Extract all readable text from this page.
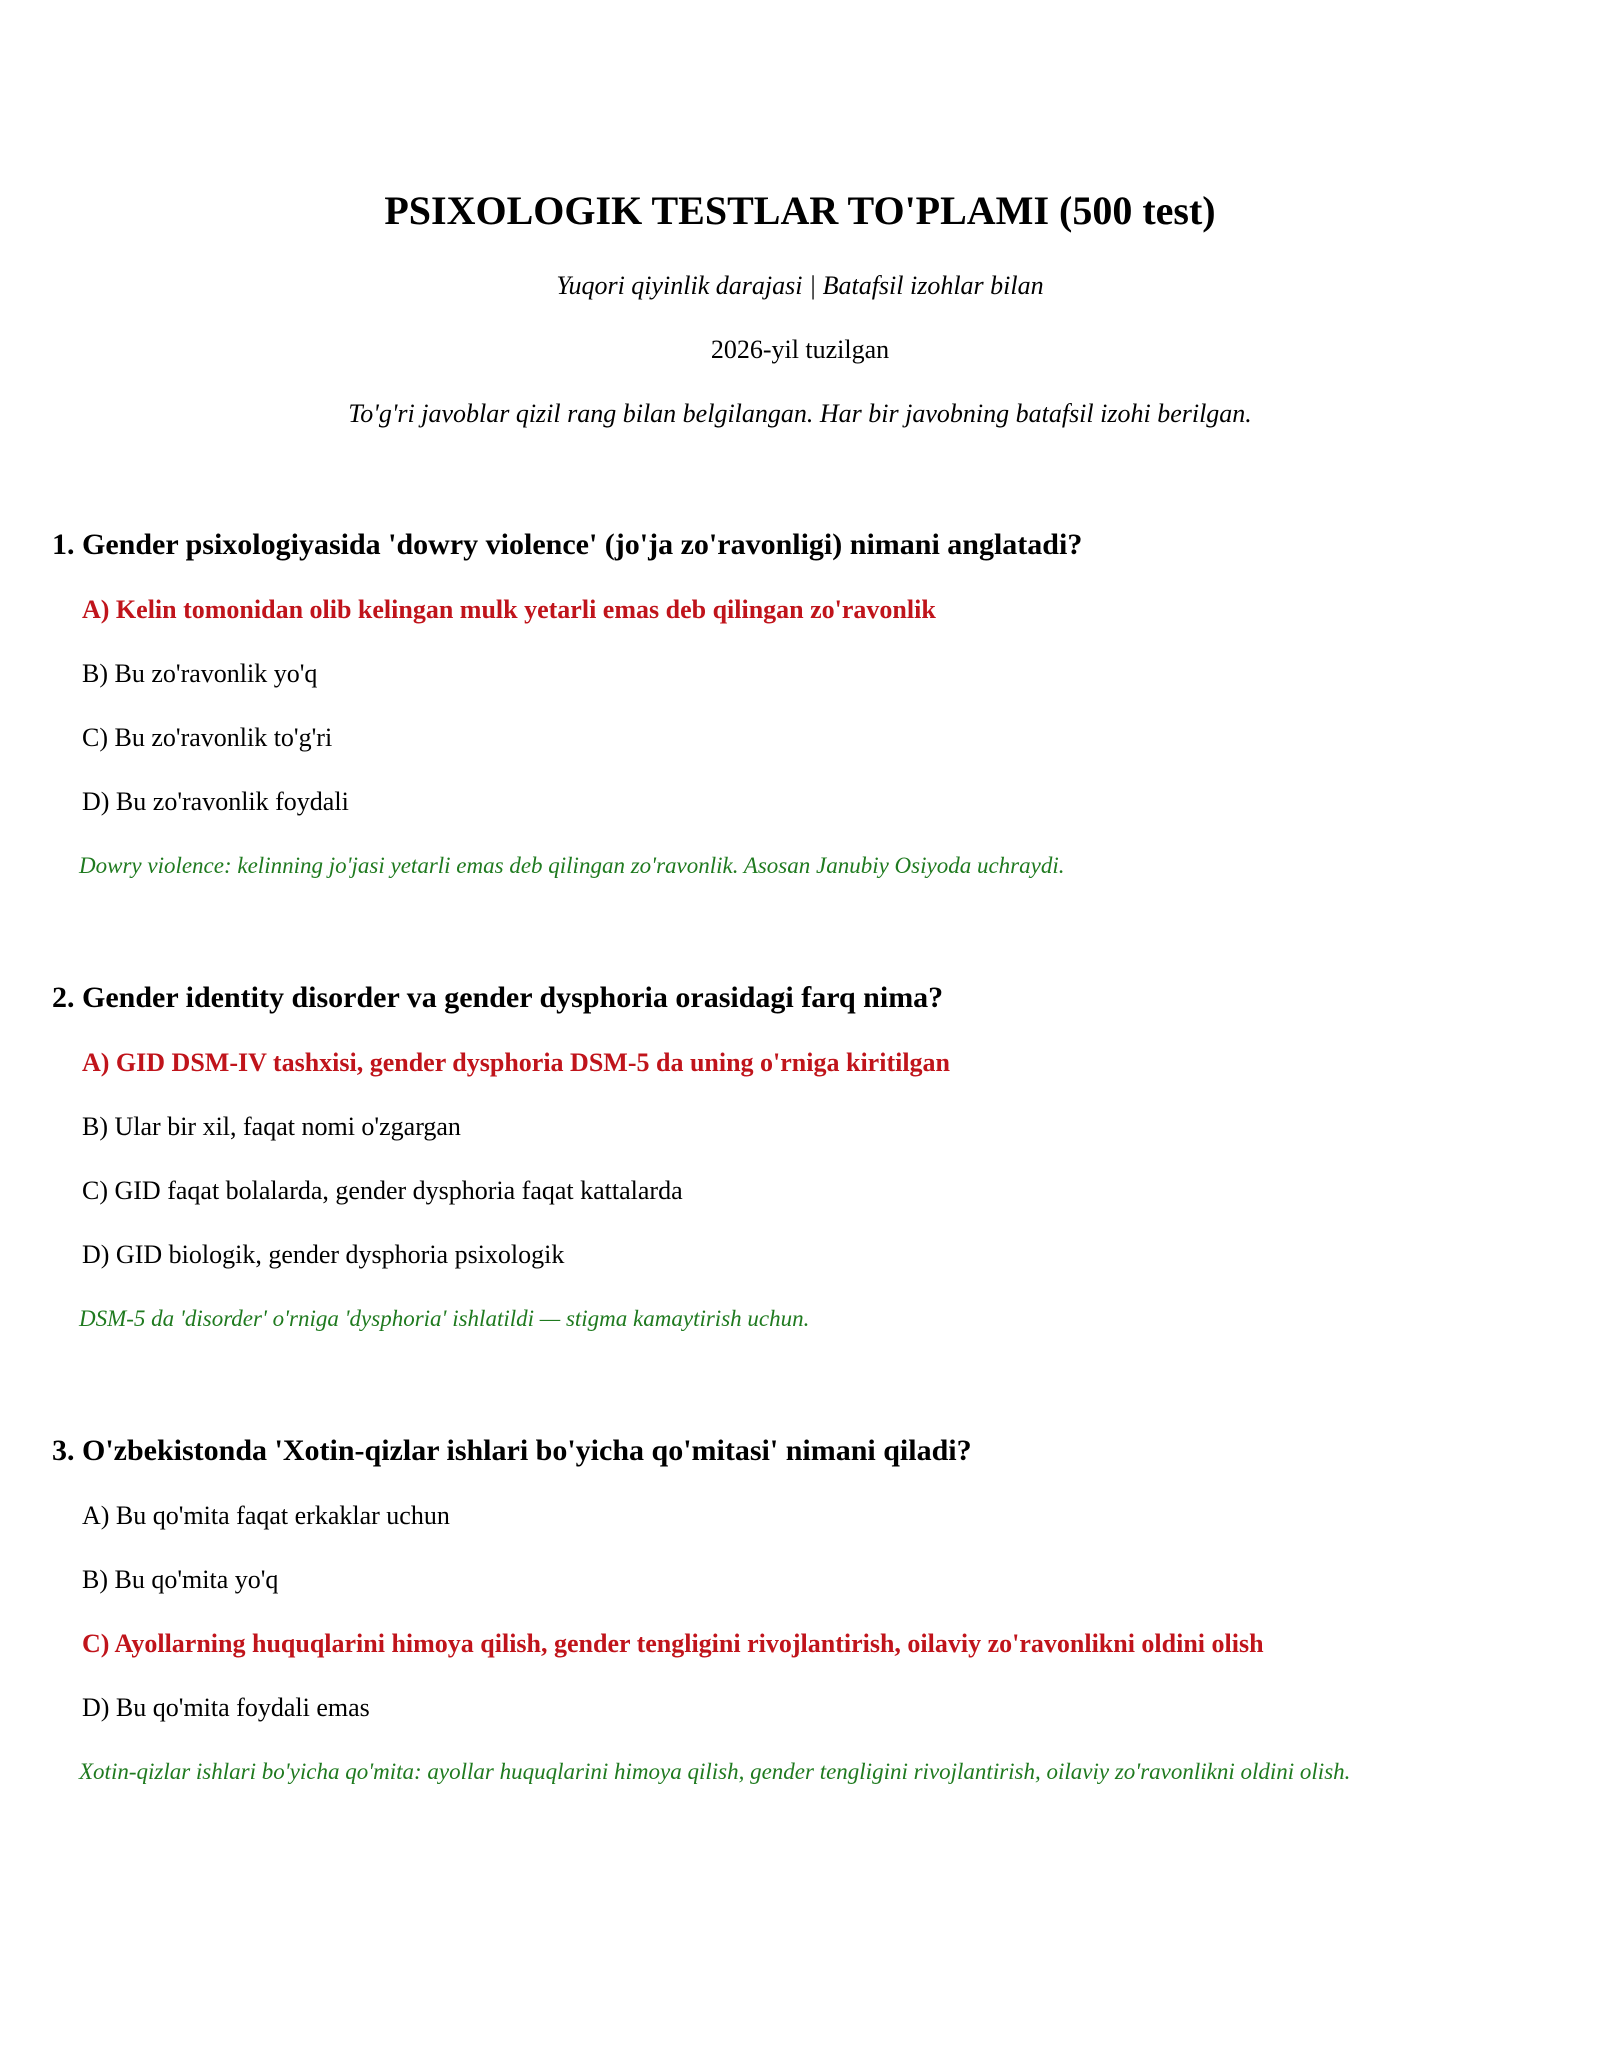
PSIXOLOGIK TESTLAR TO'PLAMI (500 test)
Yuqori qiyinlik darajasi | Batafsil izohlar bilan
2026-yil tuzilgan
To'g'ri javoblar qizil rang bilan belgilangan. Har bir javobning batafsil izohi berilgan.

1. Gender psixologiyasida 'dowry violence' (jo'ja zo'ravonligi) nimani anglatadi?

A) Kelin tomonidan olib kelingan mulk yetarli emas deb qilingan zo'ravonlik
B) Bu zo'ravonlik yo'q
C) Bu zo'ravonlik to'g'ri
D) Bu zo'ravonlik foydali
Dowry violence: kelinning jo'jasi yetarli emas deb qilingan zo'ravonlik. Asosan Janubiy Osiyoda uchraydi.

2. Gender identity disorder va gender dysphoria orasidagi farq nima?

A) GID DSM-IV tashxisi, gender dysphoria DSM-5 da uning o'rniga kiritilgan
B) Ular bir xil, faqat nomi o'zgargan
C) GID faqat bolalarda, gender dysphoria faqat kattalarda
D) GID biologik, gender dysphoria psixologik
DSM-5 da 'disorder' o'rniga 'dysphoria' ishlatildi — stigma kamaytirish uchun.

3. O'zbekistonda 'Xotin-qizlar ishlari bo'yicha qo'mitasi' nimani qiladi?

A) Bu qo'mita faqat erkaklar uchun
B) Bu qo'mita yo'q
C) Ayollarning huquqlarini himoya qilish, gender tengligini rivojlantirish, oilaviy zo'ravonlikni oldini olish
D) Bu qo'mita foydali emas
Xotin-qizlar ishlari bo'yicha qo'mita: ayollar huquqlarini himoya qilish, gender tengligini rivojlantirish, oilaviy zo'ravonlikni oldini olish.
